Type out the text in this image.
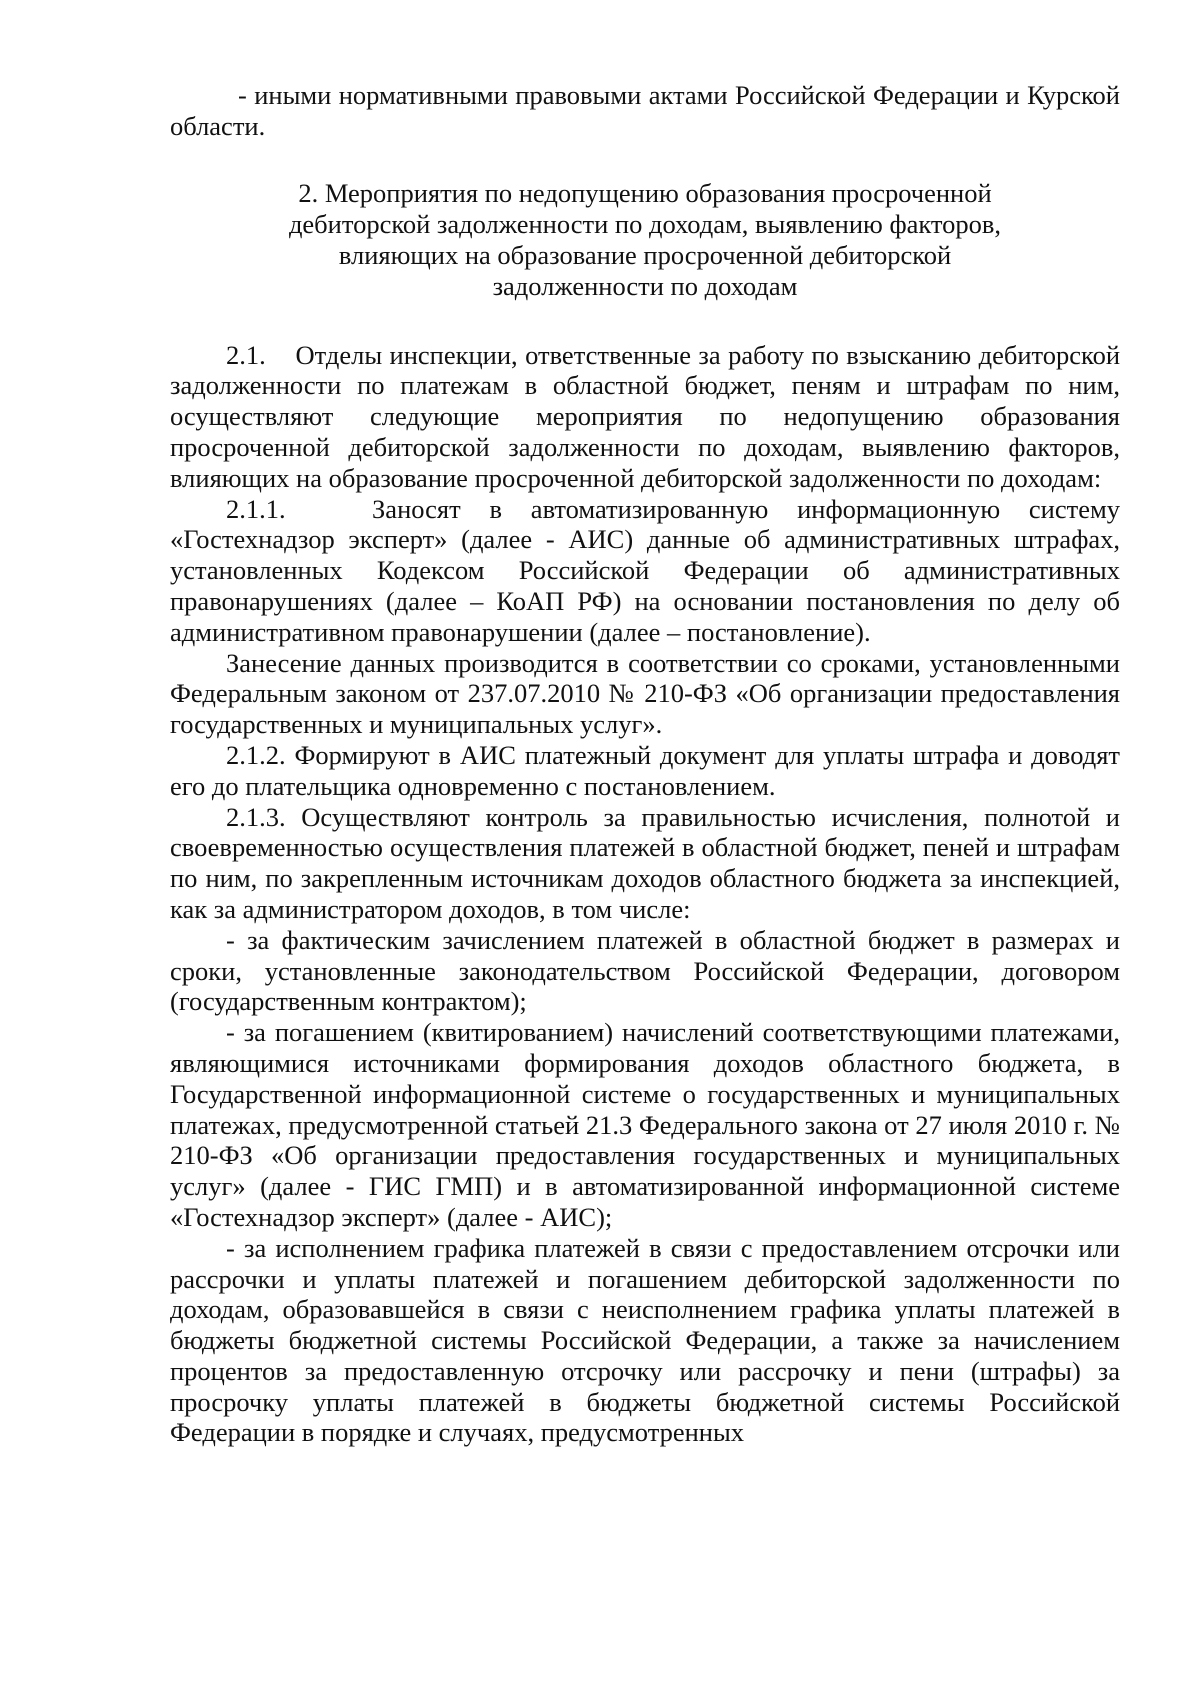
- иными нормативными правовыми актами Российской Федерации и Курской области.

2. Мероприятия по недопущению образования просроченной
дебиторской задолженности по доходам, выявлению факторов,
влияющих на образование просроченной дебиторской
задолженности по доходам

2.1.    Отделы инспекции, ответственные за работу по взысканию дебиторской задолженности по платежам в областной бюджет, пеням и штрафам по ним, осуществляют следующие мероприятия по недопущению образования просроченной дебиторской задолженности по доходам, выявлению факторов, влияющих на образование просроченной дебиторской задолженности по доходам:

2.1.1.   Заносят в автоматизированную информационную систему «Гостехнадзор эксперт» (далее - АИС) данные об административных штрафах, установленных Кодексом Российской Федерации об административных правонарушениях (далее – КоАП РФ) на основании постановления по делу об административном правонарушении (далее – постановление).

Занесение данных производится в соответствии со сроками, установленными Федеральным законом от 237.07.2010 № 210-ФЗ «Об организации предоставления государственных и муниципальных услуг».

2.1.2. Формируют в АИС платежный документ для уплаты штрафа и доводят его до плательщика одновременно с постановлением.

2.1.3. Осуществляют контроль за правильностью исчисления, полнотой и своевременностью осуществления платежей в областной бюджет, пеней и штрафам по ним, по закрепленным источникам доходов областного бюджета за инспекцией, как за администратором доходов, в том числе:

- за фактическим зачислением платежей в областной бюджет в размерах и сроки, установленные законодательством Российской Федерации, договором (государственным контрактом);

- за погашением (квитированием) начислений соответствующими платежами, являющимися источниками формирования доходов областного бюджета, в Государственной информационной системе о государственных и муниципальных платежах, предусмотренной статьей 21.3 Федерального закона от 27 июля 2010 г. № 210-ФЗ «Об организации предоставления государственных и муниципальных услуг» (далее - ГИС ГМП) и в автоматизированной информационной системе «Гостехнадзор эксперт» (далее - АИС);

- за исполнением графика платежей в связи с предоставлением отсрочки или рассрочки и уплаты платежей и погашением дебиторской задолженности по доходам, образовавшейся в связи с неисполнением графика уплаты платежей в бюджеты бюджетной системы Российской Федерации, а также за начислением процентов за предоставленную отсрочку или рассрочку и пени (штрафы) за просрочку уплаты платежей в бюджеты бюджетной системы Российской Федерации в порядке и случаях, предусмотренных
